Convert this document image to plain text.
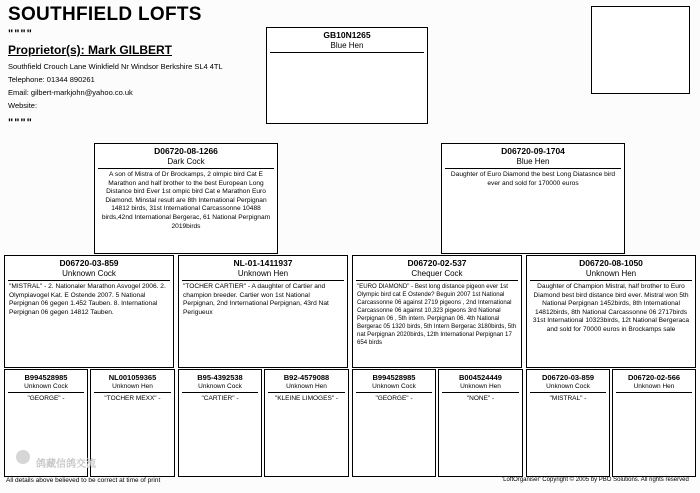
SOUTHFIELD LOFTS
""""
Proprietor(s): Mark GILBERT
Southfield Crouch Lane Winkfield Nr Windsor Berkshire SL4 4TL
Telephone: 01344 890261
Email: gilbert-markjohn@yahoo.co.uk
Website:
""""
GB10N1265
Blue Hen
D06720-08-1266
Dark Cock
A son of Mistra of Dr Brockamps, 2 olmpic bird Cat E Marathon and half brother to the best European Long Distance bird Ever 1st ompic bird Cat e Marathon Euro Diamond. Minstal result are 8th International Perpignan 14812 birds, 31st International Carcassonne 10488 birds,42nd International Bergerac, 61 National Perpignam 2019birds
D06720-09-1704
Blue Hen
Daughter of Euro Diamond the best Long Diatasnce bird ever and sold for 170000 euros
D06720-03-859
Unknown Cock
"MISTRAL" - 2. Nationaler Marathon Asvogel 2006. 2. Olympiavogel Kat. E Ostende 2007. 5 National Perpignan 06 gegen 1.452 Tauben. 8. International Perpignan 06 gegen 14812 Tauben.
NL-01-1411937
Unknown Hen
"TOCHER CARTIER" - A daughter of Cartier and champion breeder. Cartier won 1st National Perpignan, 2nd Inrternational Perpignan, 43rd Nat Perigueux
D06720-02-537
Chequer Cock
"EURO DIAMOND" - Best long distance pigeon ever 1st Olympic bird cat E Ostende? Beguin 2007 1st National Carcassonne 06 against 2719 pigeons , 2nd International Carcassonne 06 against 10,323 pigeons 3rd National Perpignan 06 , 5th intern. Perpignan 06. 4th National Bergerac 05 1320 birds, 5th Intern Bergerac 3180birds, 5th nat Perpignan 2020birds, 12th International Perpignan 17 654 birds
D06720-08-1050
Unknown Hen
Daughter of Champion Mistral, half brother to Euro Diamond best bird distance bird ever. Mistral won 5th National Perpignan 1452birds, 8th International 14812birds, 8th National Carcassonne 06 2717birds 31st International 10323birds, 12t National Bergeraca and sold for 70000 euros in Brockamps sale
B994528985
Unknown Cock
"GEORGE" -
NL001059365
Unknown Hen
"TOCHER MEXX" -
B95-4392538
Unknown Cock
"CARTIER" -
B92-4579088
Unknown Hen
"KLEINE LIMOGES" -
B994528985
Unknown Cock
"GEORGE" -
B004524449
Unknown Hen
"NONE" -
D06720-03-859
Unknown Cock
"MISTRAL" -
D06720-02-566
Unknown Hen
鸽藏信鸽交流
All details above believed to be correct at time of print	'LoftOrganiser' Copyright © 2005 by PBO Solutions. All rights reserved
